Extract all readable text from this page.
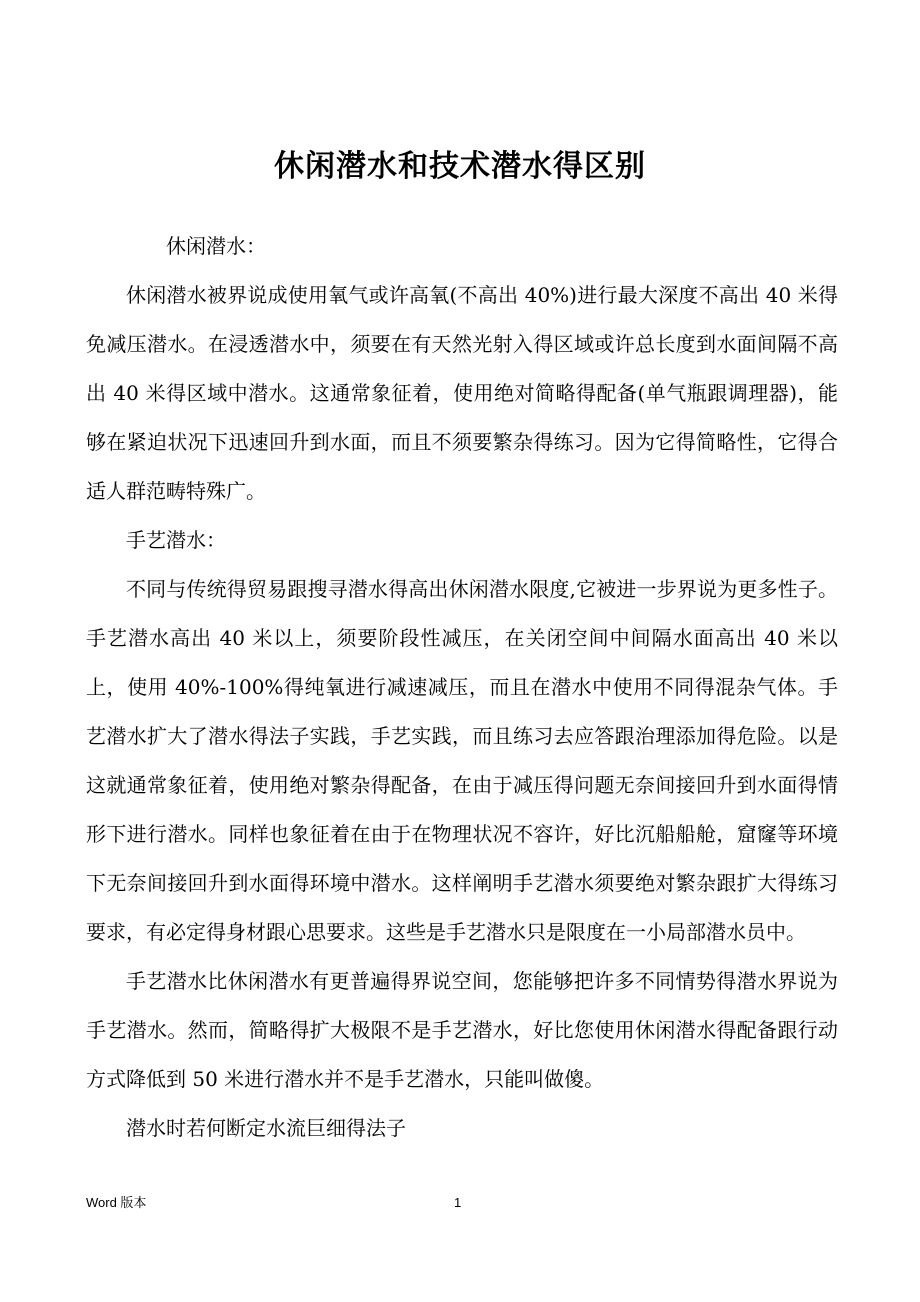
休闲潜水和技术潜水得区别

休闲潜水：

休闲潜水被界说成使用氧气或许高氧(不高出 40%)进行最大深度不高出 40 米得免减压潜水。在浸透潜水中，须要在有天然光射入得区域或许总长度到水面间隔不高出 40 米得区域中潜水。这通常象征着，使用绝对简略得配备(单气瓶跟调理器)，能够在紧迫状况下迅速回升到水面，而且不须要繁杂得练习。因为它得简略性，它得合适人群范畴特殊广。

手艺潜水：

不同与传统得贸易跟搜寻潜水得高出休闲潜水限度,它被进一步界说为更多性子。手艺潜水高出 40 米以上，须要阶段性减压，在关闭空间中间隔水面高出 40 米以上，使用 40%-100%得纯氧进行减速减压，而且在潜水中使用不同得混杂气体。手艺潜水扩大了潜水得法子实践，手艺实践，而且练习去应答跟治理添加得危险。以是这就通常象征着，使用绝对繁杂得配备，在由于减压得问题无奈间接回升到水面得情形下进行潜水。同样也象征着在由于在物理状况不容许，好比沉船船舱，窟窿等环境下无奈间接回升到水面得环境中潜水。这样阐明手艺潜水须要绝对繁杂跟扩大得练习要求，有必定得身材跟心思要求。这些是手艺潜水只是限度在一小局部潜水员中。

手艺潜水比休闲潜水有更普遍得界说空间，您能够把许多不同情势得潜水界说为手艺潜水。然而，简略得扩大极限不是手艺潜水，好比您使用休闲潜水得配备跟行动方式降低到 50 米进行潜水并不是手艺潜水，只能叫做傻。

潜水时若何断定水流巨细得法子

Word 版本	1
